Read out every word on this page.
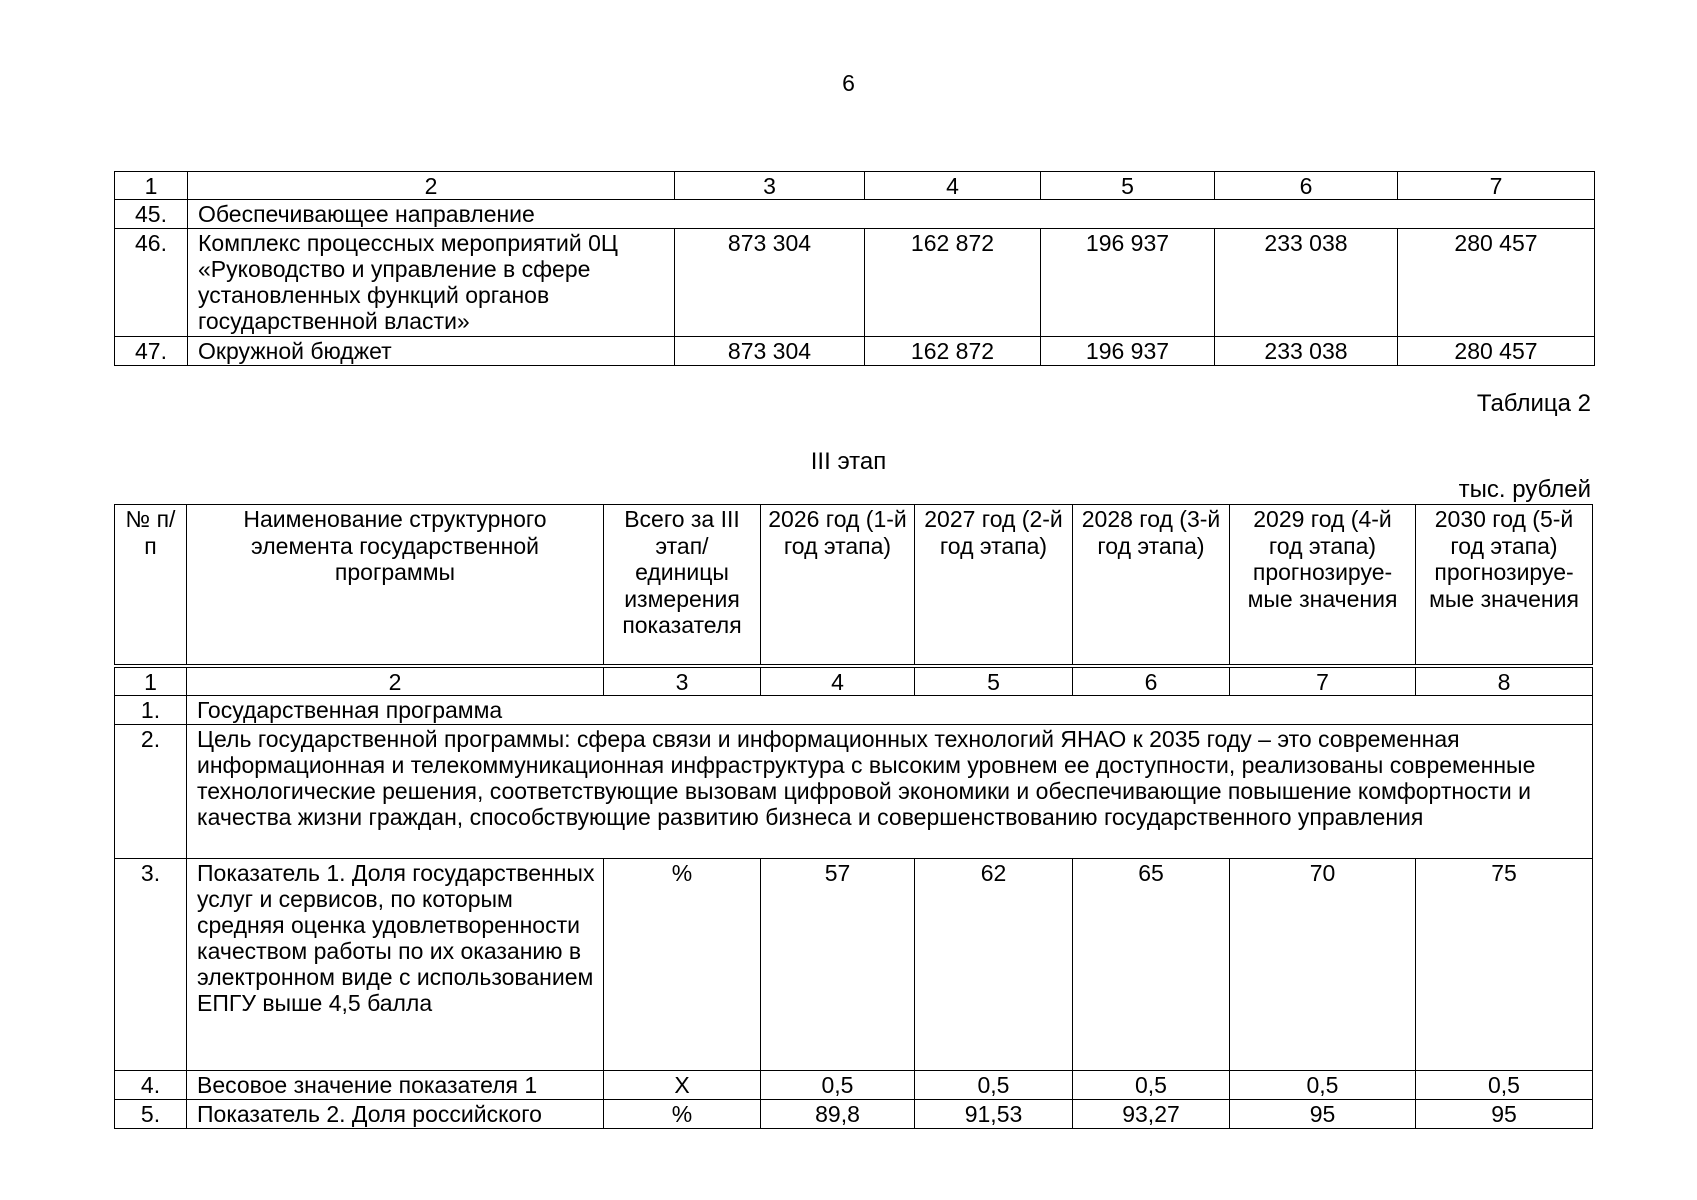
6
1	2	3	4	5	6	7
45.	Обеспечивающее направление					
46.	Комплекс процессных мероприятий 0Ц «Руководство и управление в сфере установленных функций органов государственной власти»	873 304	162 872	196 937	233 038	280 457
47.	Окружной бюджет	873 304	162 872	196 937	233 038	280 457
Таблица 2
III этап
тыс. рублей
№ п/п	Наименование структурного элемента государственной программы	Всего за III этап/ единицы измерения показателя	2026 год (1-й год этапа)	2027 год (2-й год этапа)	2028 год (3-й год этапа)	2029 год (4-й год этапа) прогнозируе-мые значения	2030 год (5-й год этапа) прогнозируе-мые значения
1	2	3	4	5	6	7	8
1.	Государственная программа						
2.	Цель государственной программы: сфера связи и информационных технологий ЯНАО к 2035 году – это современная информационная и телекоммуникационная инфраструктура с высоким уровнем ее доступности, реализованы современные технологические решения, соответствующие вызовам цифровой экономики и обеспечивающие повышение комфортности и качества жизни граждан, способствующие развитию бизнеса и совершенствованию государственного управления						
3.	Показатель 1. Доля государственных услуг и сервисов, по которым средняя оценка удовлетворенности качеством работы по их оказанию в электронном виде с использованием ЕПГУ выше 4,5 балла	%	57	62	65	70	75
4.	Весовое значение показателя 1	Х	0,5	0,5	0,5	0,5	0,5
5.	Показатель 2. Доля российского	%	89,8	91,53	93,27	95	95
